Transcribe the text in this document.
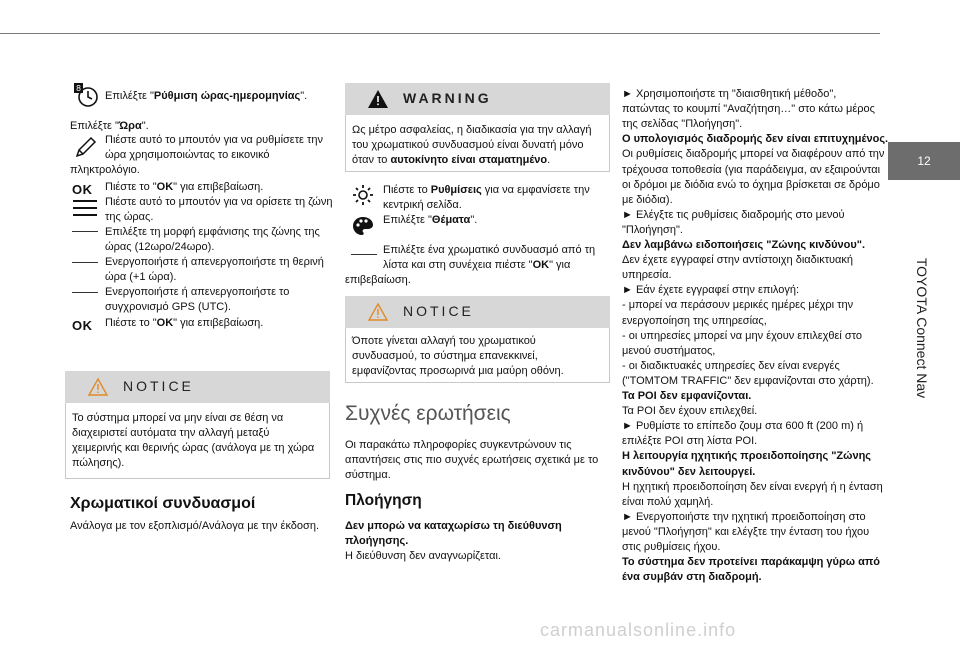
12
TOYOTA Connect Nav
8
Επιλέξτε "Ρύθμιση ώρας-ημερομηνίας".
Επιλέξτε "Ώρα".
Πιέστε αυτό το μπουτόν για να ρυθμίσετε την
ώρα χρησιμοποιώντας το εικονικό
πληκτρολόγιο.
OK Πιέστε το "OK" για επιβεβαίωση.
Πιέστε αυτό το μπουτόν για να ορίσετε τη ζώνη
της ώρας.
Επιλέξτε τη μορφή εμφάνισης της ζώνης της
ώρας (12ωρο/24ωρο).
Ενεργοποιήστε ή απενεργοποιήστε τη θερινή
ώρα (+1 ώρα).
Ενεργοποιήστε ή απενεργοποιήστε το
συγχρονισμό GPS (UTC).
OK Πιέστε το "OK" για επιβεβαίωση.
NOTICE
Το σύστημα μπορεί να μην είναι σε θέση να
διαχειριστεί αυτόματα την αλλαγή μεταξύ
χειμερινής και θερινής ώρας (ανάλογα με τη χώρα
πώλησης).
Χρωματικοί συνδυασμοί
Ανάλογα με τον εξοπλισμό/Ανάλογα με την έκδοση.
WARNING
Ως μέτρο ασφαλείας, η διαδικασία για την αλλαγή
του χρωματικού συνδυασμού είναι δυνατή μόνο
όταν το αυτοκίνητο είναι σταματημένο.
Πιέστε το Ρυθμίσεις για να εμφανίσετε την
κεντρική σελίδα.
Επιλέξτε "Θέματα".
Επιλέξτε ένα χρωματικό συνδυασμό από τη
λίστα και στη συνέχεια πιέστε "OK" για
επιβεβαίωση.
NOTICE
Όποτε γίνεται αλλαγή του χρωματικού
συνδυασμού, το σύστημα επανεκκινεί,
εμφανίζοντας προσωρινά μια μαύρη οθόνη.
Συχνές ερωτήσεις
Οι παρακάτω πληροφορίες συγκεντρώνουν τις
απαντήσεις στις πιο συχνές ερωτήσεις σχετικά με το
σύστημα.
Πλοήγηση
Δεν μπορώ να καταχωρίσω τη διεύθυνση
πλοήγησης.
Η διεύθυνση δεν αναγνωρίζεται.
► Χρησιμοποιήστε τη "διαισθητική μέθοδο",
πατώντας το κουμπί "Αναζήτηση…" στο κάτω μέρος
της σελίδας "Πλοήγηση".
Ο υπολογισμός διαδρομής δεν είναι επιτυχημένος.
Οι ρυθμίσεις διαδρομής μπορεί να διαφέρουν από την
τρέχουσα τοποθεσία (για παράδειγμα, αν εξαιρούνται
οι δρόμοι με διόδια ενώ το όχημα βρίσκεται σε δρόμο
με διόδια).
► Ελέγξτε τις ρυθμίσεις διαδρομής στο μενού
"Πλοήγηση".
Δεν λαμβάνω ειδοποιήσεις "Ζώνης κινδύνου".
Δεν έχετε εγγραφεί στην αντίστοιχη διαδικτυακή
υπηρεσία.
► Εάν έχετε εγγραφεί στην επιλογή:
- μπορεί να περάσουν μερικές ημέρες μέχρι την
ενεργοποίηση της υπηρεσίας,
- οι υπηρεσίες μπορεί να μην έχουν επιλεχθεί στο
μενού συστήματος,
- οι διαδικτυακές υπηρεσίες δεν είναι ενεργές
("TOMTOM TRAFFIC" δεν εμφανίζονται στο χάρτη).
Τα POI δεν εμφανίζονται.
Τα POI δεν έχουν επιλεχθεί.
► Ρυθμίστε το επίπεδο ζουμ στα 600 ft (200 m) ή
επιλέξτε POI στη λίστα POI.
Η λειτουργία ηχητικής προειδοποίησης "Ζώνης
κινδύνου" δεν λειτουργεί.
Η ηχητική προειδοποίηση δεν είναι ενεργή ή η ένταση
είναι πολύ χαμηλή.
► Ενεργοποιήστε την ηχητική προειδοποίηση στο
μενού "Πλοήγηση" και ελέγξτε την ένταση του ήχου
στις ρυθμίσεις ήχου.
Το σύστημα δεν προτείνει παράκαμψη γύρω από
ένα συμβάν στη διαδρομή.
carmanualsonline.info
